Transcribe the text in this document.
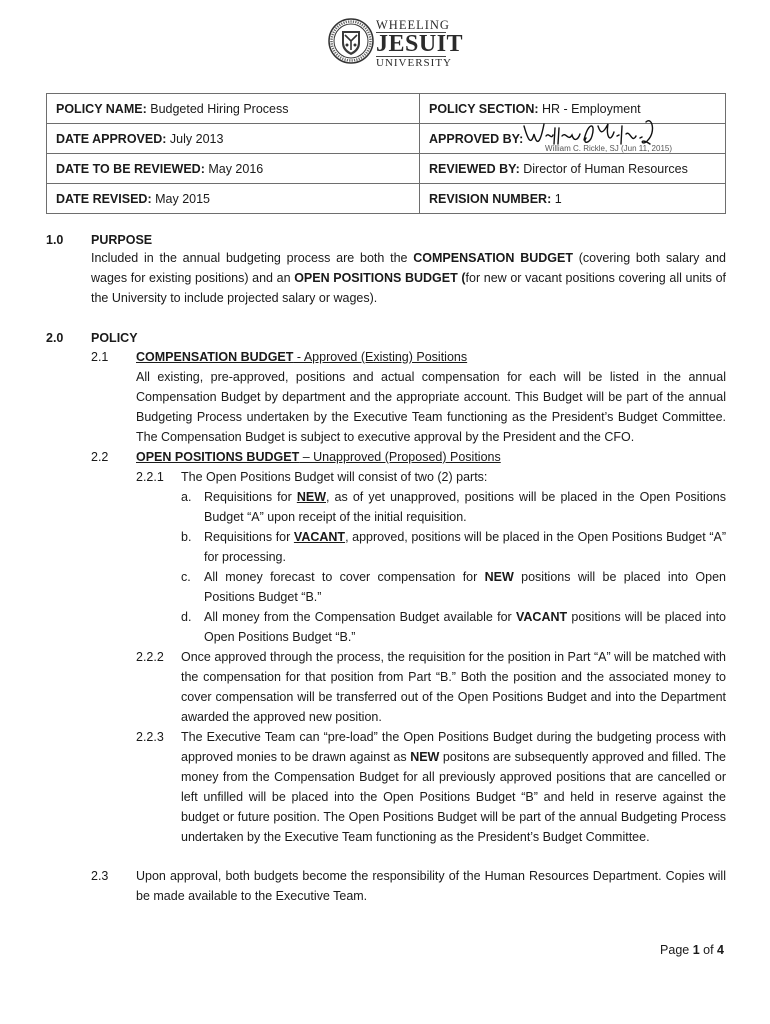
WHEELING
JESUIT
UNIVERSITY
POLICY NAME: Budgeted Hiring Process	POLICY SECTION: HR - Employment
DATE APPROVED: July 2013	APPROVED BY:
William C. Rickle, SJ (Jun 11, 2015)

DATE TO BE REVIEWED: May 2016	REVIEWED BY: Director of Human Resources
DATE REVISED: May 2015	REVISION NUMBER: 1
1.0 PURPOSE
Included in the annual budgeting process are both the COMPENSATION BUDGET (covering both salary and wages for existing positions) and an OPEN POSITIONS BUDGET (for new or vacant positions covering all units of the University to include projected salary or wages).
2.0 POLICY
2.1 COMPENSATION BUDGET - Approved (Existing) Positions
All existing, pre-approved, positions and actual compensation for each will be listed in the annual Compensation Budget by department and the appropriate account. This Budget will be part of the annual Budgeting Process undertaken by the Executive Team functioning as the President’s Budget Committee. The Compensation Budget is subject to executive approval by the President and the CFO.
2.2 OPEN POSITIONS BUDGET – Unapproved (Proposed) Positions
2.2.1 The Open Positions Budget will consist of two (2) parts:
a. Requisitions for NEW, as of yet unapproved, positions will be placed in the Open Positions Budget “A” upon receipt of the initial requisition.
b. Requisitions for VACANT, approved, positions will be placed in the Open Positions Budget “A” for processing.
c. All money forecast to cover compensation for NEW positions will be placed into Open Positions Budget “B.”
d. All money from the Compensation Budget available for VACANT positions will be placed into Open Positions Budget “B.”
2.2.2 Once approved through the process, the requisition for the position in Part “A” will be matched with the compensation for that position from Part “B.” Both the position and the associated money to cover compensation will be transferred out of the Open Positions Budget and into the Department awarded the approved new position.
2.2.3 The Executive Team can “pre-load” the Open Positions Budget during the budgeting process with approved monies to be drawn against as NEW positons are subsequently approved and filled. The money from the Compensation Budget for all previously approved positions that are cancelled or left unfilled will be placed into the Open Positions Budget “B” and held in reserve against the budget or future position. The Open Positions Budget will be part of the annual Budgeting Process undertaken by the Executive Team functioning as the President’s Budget Committee.
2.3 Upon approval, both budgets become the responsibility of the Human Resources Department. Copies will be made available to the Executive Team.
Page 1 of 4
